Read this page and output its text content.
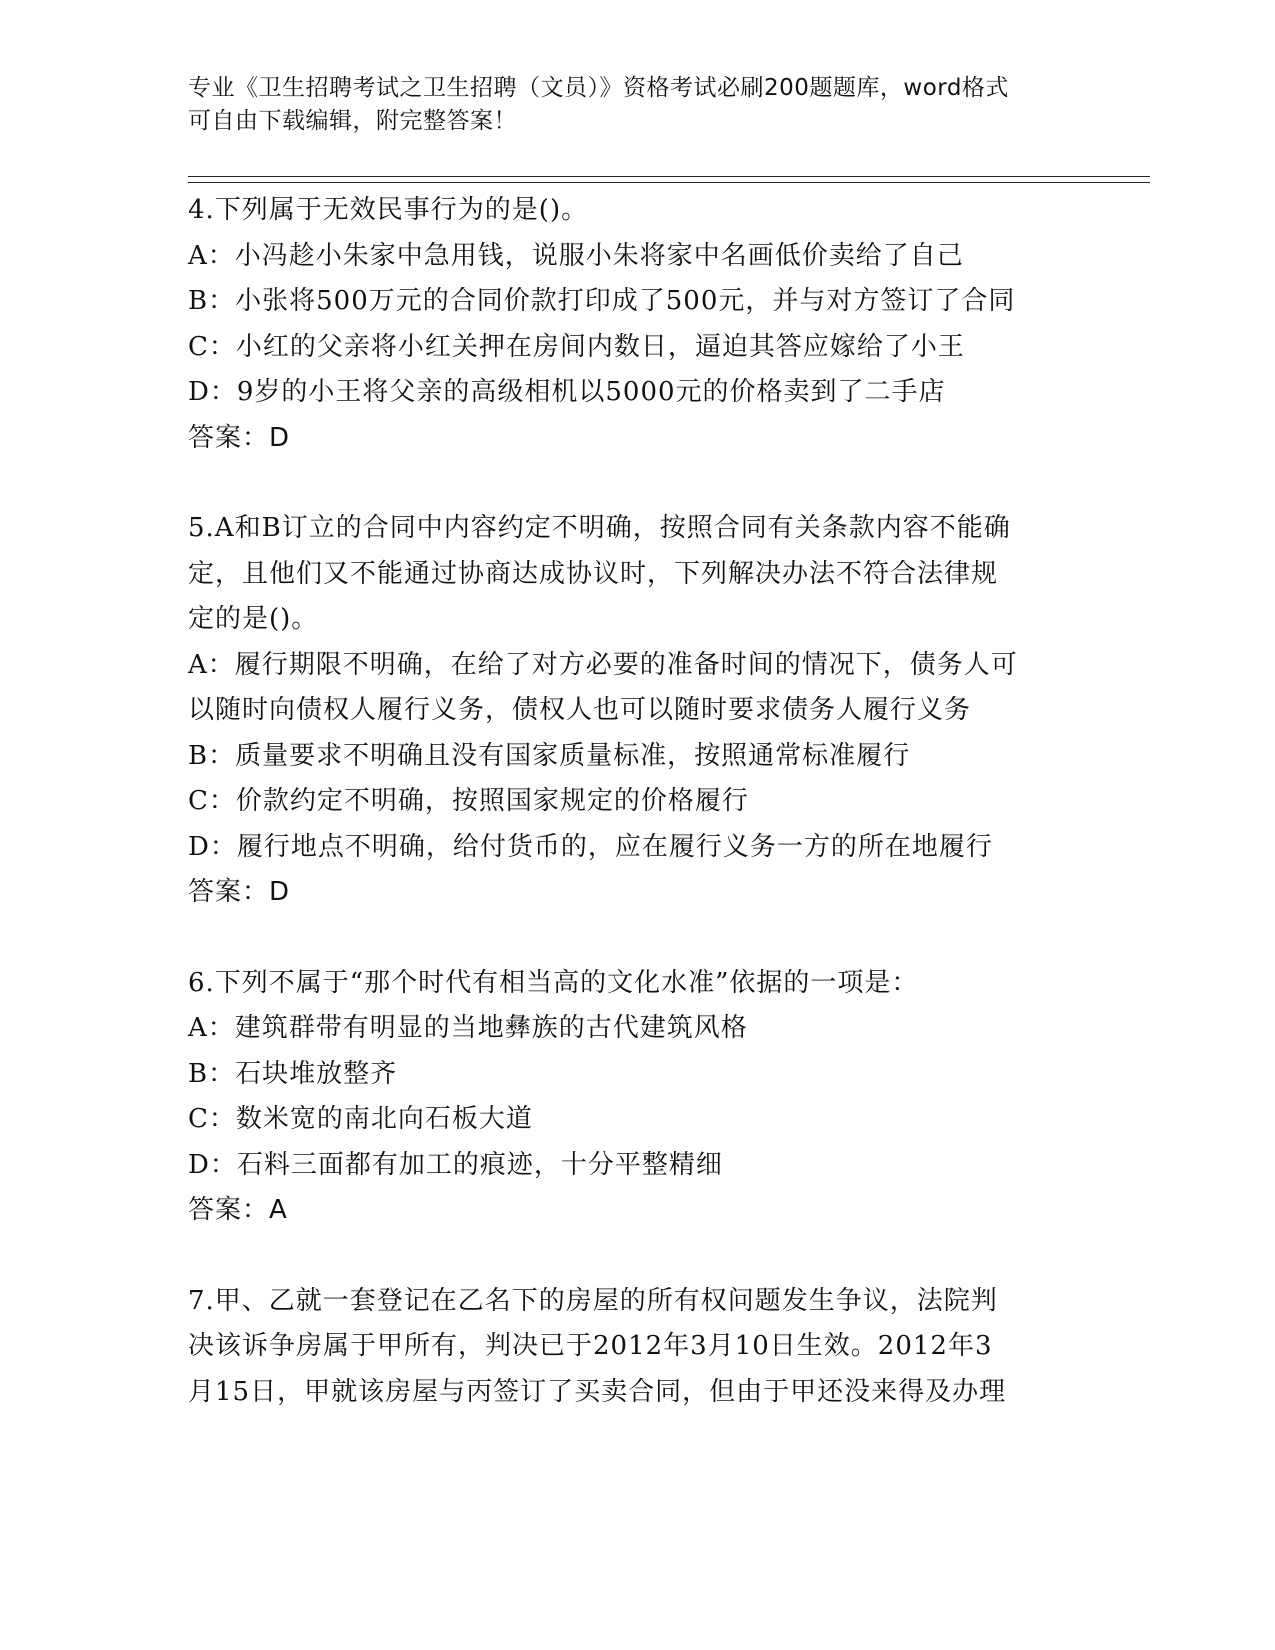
专业《卫生招聘考试之卫生招聘（文员）》资格考试必刷200题题库，word格式
可自由下载编辑，附完整答案！
4.下列属于无效民事行为的是()。
A：小冯趁小朱家中急用钱，说服小朱将家中名画低价卖给了自己
B：小张将500万元的合同价款打印成了500元，并与对方签订了合同
C：小红的父亲将小红关押在房间内数日，逼迫其答应嫁给了小王
D：9岁的小王将父亲的高级相机以5000元的价格卖到了二手店
答案：D
5.A和B订立的合同中内容约定不明确，按照合同有关条款内容不能确
定，且他们又不能通过协商达成协议时，下列解决办法不符合法律规
定的是()。
A：履行期限不明确，在给了对方必要的准备时间的情况下，债务人可
以随时向债权人履行义务，债权人也可以随时要求债务人履行义务
B：质量要求不明确且没有国家质量标准，按照通常标准履行
C：价款约定不明确，按照国家规定的价格履行
D：履行地点不明确，给付货币的，应在履行义务一方的所在地履行
答案：D
6.下列不属于“那个时代有相当高的文化水准”依据的一项是：
A：建筑群带有明显的当地彝族的古代建筑风格
B：石块堆放整齐
C：数米宽的南北向石板大道
D：石料三面都有加工的痕迹，十分平整精细
答案：A
7.甲、乙就一套登记在乙名下的房屋的所有权问题发生争议，法院判
决该诉争房属于甲所有，判决已于2012年3月10日生效。2012年3
月15日，甲就该房屋与丙签订了买卖合同，但由于甲还没来得及办理
